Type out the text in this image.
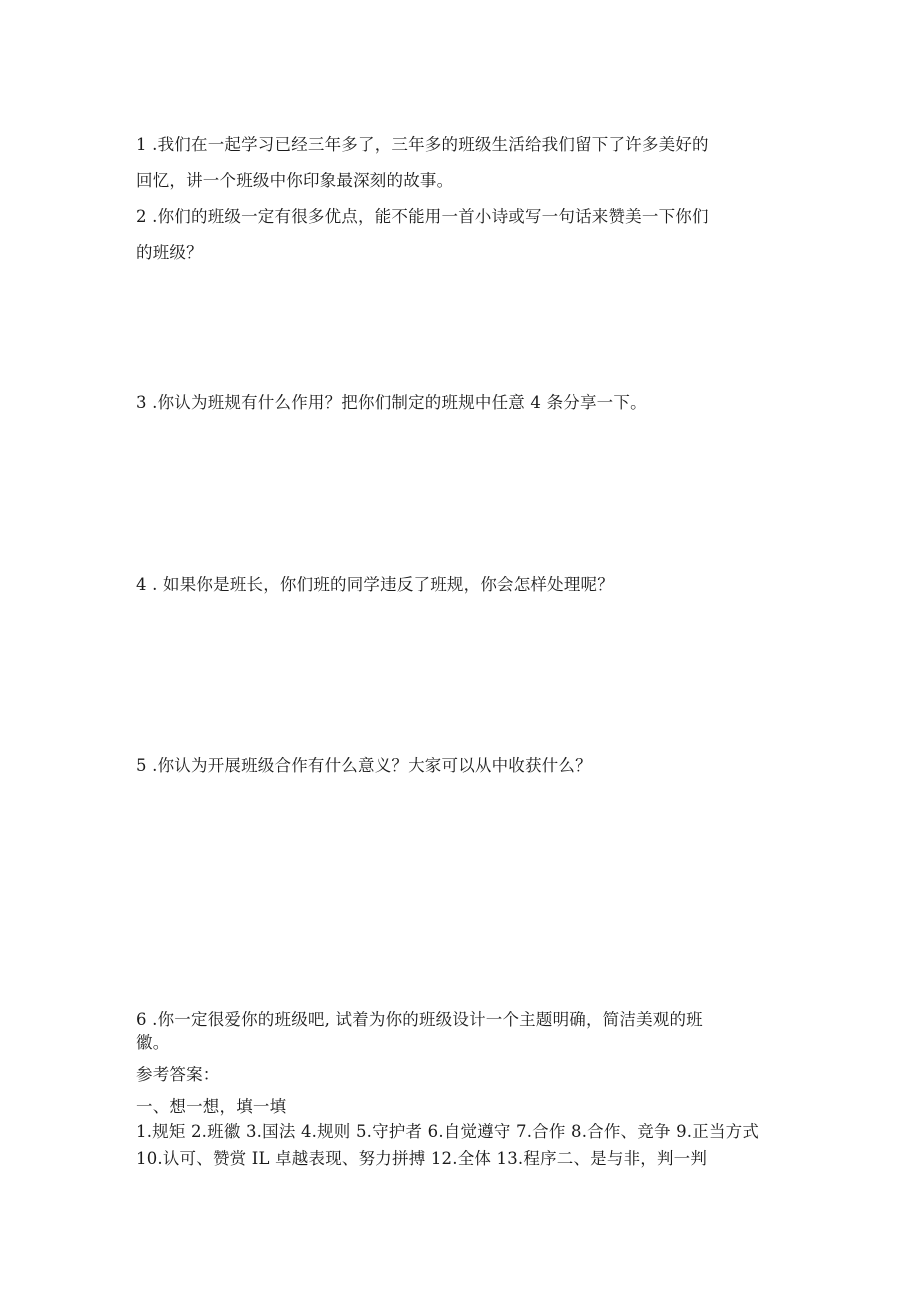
1 .我们在一起学习已经三年多了，三年多的班级生活给我们留下了许多美好的
回忆，讲一个班级中你印象最深刻的故事。
2 .你们的班级一定有很多优点，能不能用一首小诗或写一句话来赞美一下你们
的班级？
3 .你认为班规有什么作用？把你们制定的班规中任意 4 条分享一下。
4 . 如果你是班长，你们班的同学违反了班规，你会怎样处理呢？
5 .你认为开展班级合作有什么意义？大家可以从中收获什么？
6 .你一定很爱你的班级吧, 试着为你的班级设计一个主题明确，简洁美观的班
徽。
参考答案：
一、想一想，填一填
1.规矩 2.班徽 3.国法 4.规则 5.守护者 6.自觉遵守 7.合作 8.合作、竞争 9.正当方式
10.认可、赞赏 IL 卓越表现、努力拼搏 12.全体 13.程序二、是与非，判一判
